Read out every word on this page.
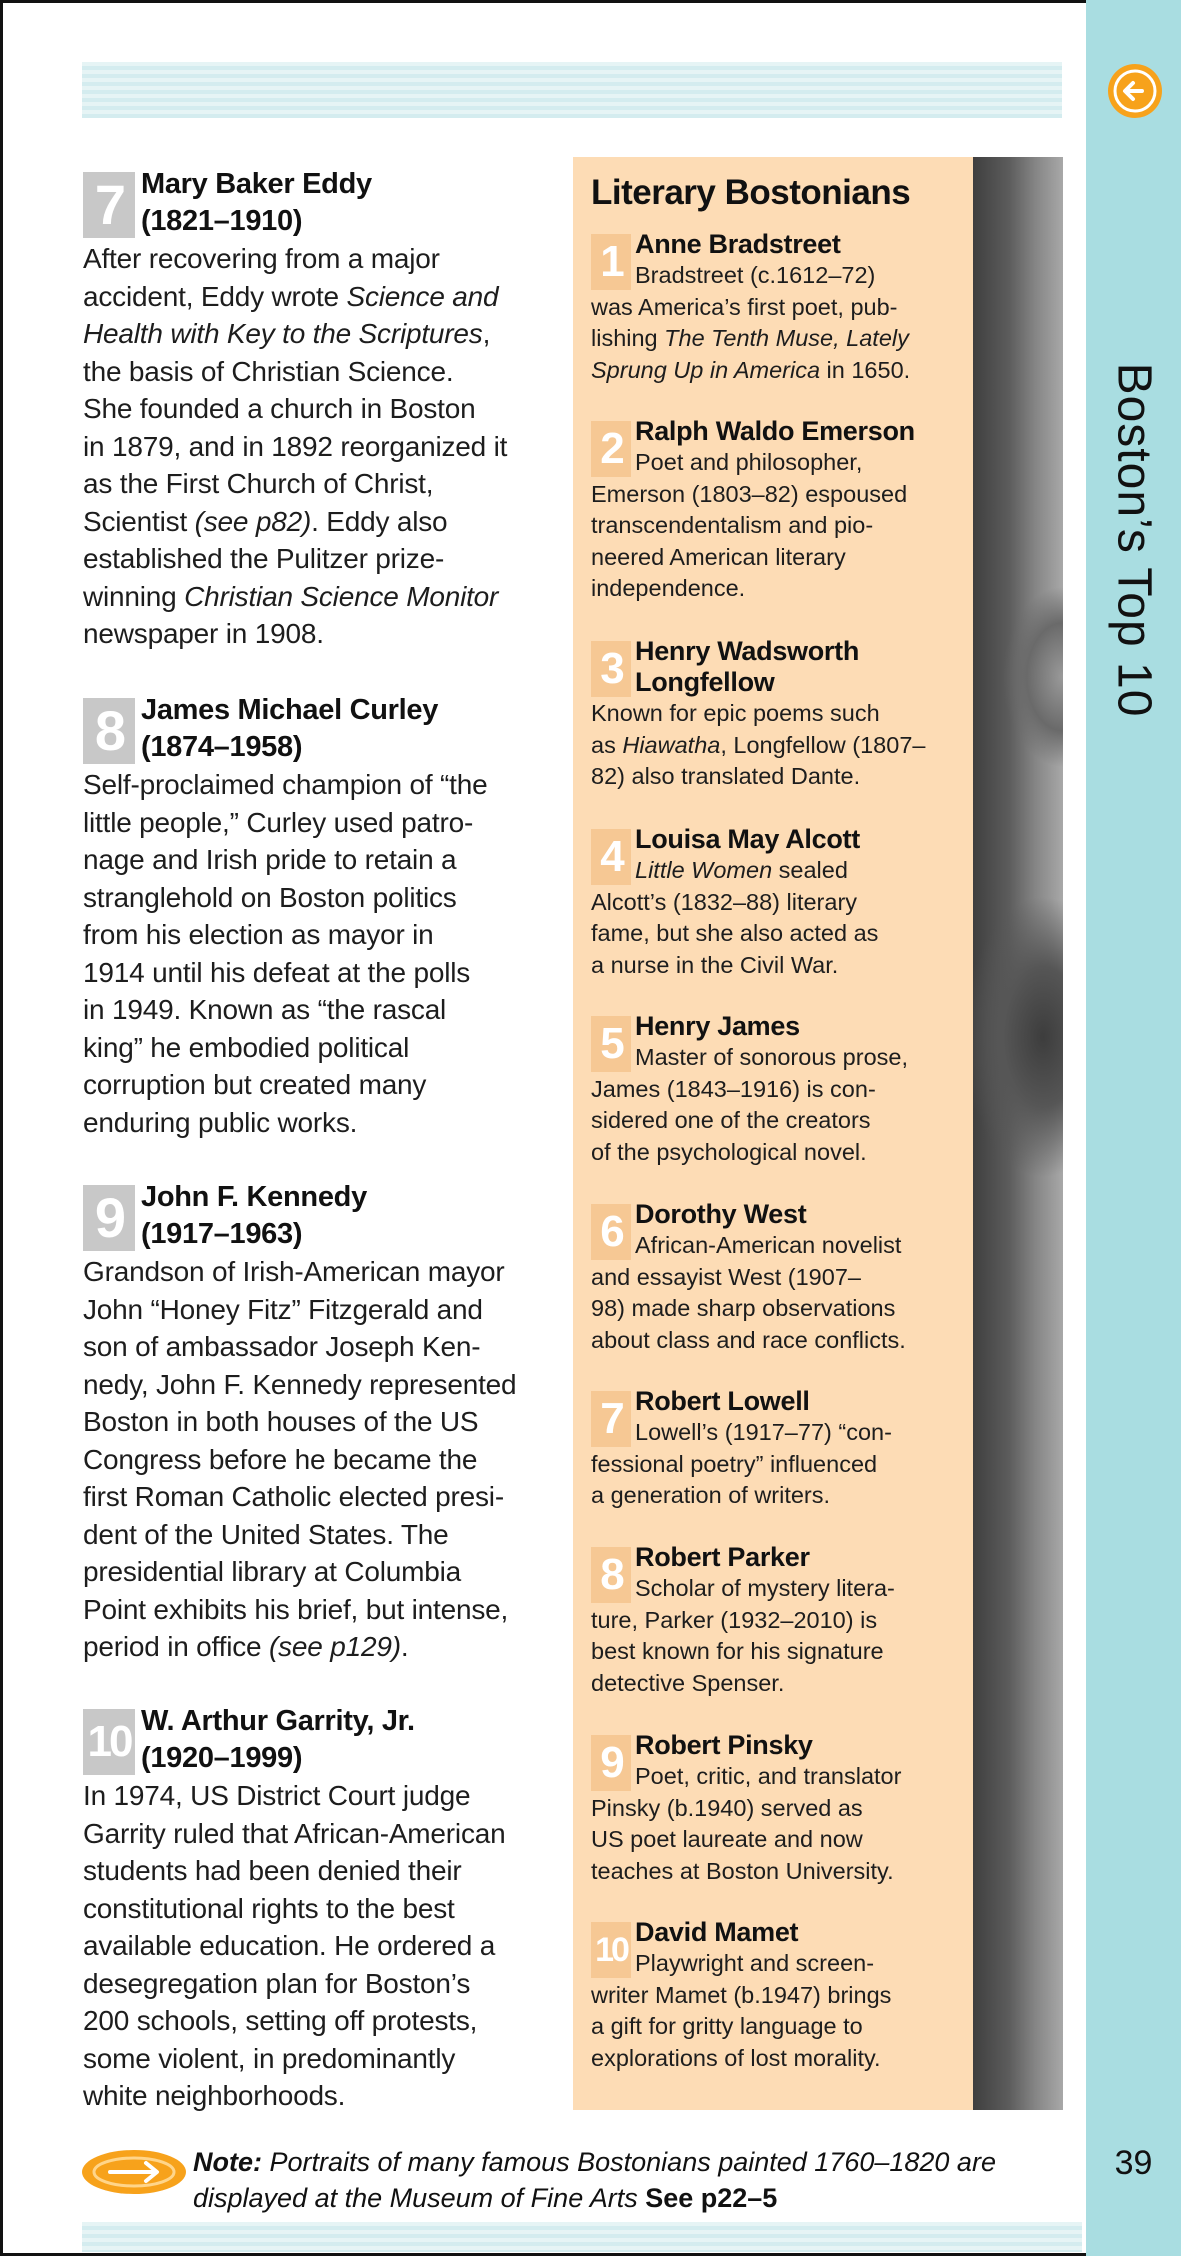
Boston’s Top 10
39
7 Mary Baker Eddy
(1821–1910)

After recovering from a major
accident, Eddy wrote Science and
Health with Key to the Scriptures,
the basis of Christian Science.
She founded a church in Boston
in 1879, and in 1892 reorganized it
as the First Church of Christ,
Scientist (see p82). Eddy also
established the Pulitzer prize-
winning Christian Science Monitor
newspaper in 1908.

8 James Michael Curley
(1874–1958)

Self-proclaimed champion of “the
little people,” Curley used patro-
nage and Irish pride to retain a
stranglehold on Boston politics
from his election as mayor in
1914 until his defeat at the polls
in 1949. Known as “the rascal
king” he embodied political
corruption but created many
enduring public works.

9 John F. Kennedy
(1917–1963)

Grandson of Irish-American mayor
John “Honey Fitz” Fitzgerald and
son of ambassador Joseph Ken-
nedy, John F. Kennedy represented
Boston in both houses of the US
Congress before he became the
first Roman Catholic elected presi-
dent of the United States. The
presidential library at Columbia
Point exhibits his brief, but intense,
period in office (see p129).

10 W. Arthur Garrity, Jr.
(1920–1999)

In 1974, US District Court judge
Garrity ruled that African-American
students had been denied their
constitutional rights to the best
available education. He ordered a
desegregation plan for Boston’s
200 schools, setting off protests,
some violent, in predominantly
white neighborhoods.

Literary Bostonians
1 Anne Bradstreet
Bradstreet (c.1612–72)
was America’s first poet, pub-
lishing The Tenth Muse, Lately
Sprung Up in America in 1650.
2 Ralph Waldo Emerson
Poet and philosopher,
Emerson (1803–82) espoused
transcendentalism and pio-
neered American literary
independence.
3 Henry Wadsworth
Longfellow
Known for epic poems such
as Hiawatha, Longfellow (1807–
82) also translated Dante.
4 Louisa May Alcott
Little Women sealed
Alcott’s (1832–88) literary
fame, but she also acted as
a nurse in the Civil War.
5 Henry James
Master of sonorous prose,
James (1843–1916) is con-
sidered one of the creators
of the psychological novel.
6 Dorothy West
African-American novelist
and essayist West (1907–
98) made sharp observations
about class and race conflicts.
7 Robert Lowell
Lowell’s (1917–77) “con-
fessional poetry” influenced
a generation of writers.
8 Robert Parker
Scholar of mystery litera-
ture, Parker (1932–2010) is
best known for his signature
detective Spenser.
9 Robert Pinsky
Poet, critic, and translator
Pinsky (b.1940) served as
US poet laureate and now
teaches at Boston University.
10 David Mamet
Playwright and screen-
writer Mamet (b.1947) brings
a gift for gritty language to
explorations of lost morality.
Note: Portraits of many famous Bostonians painted 1760–1820 are
displayed at the Museum of Fine Arts See p22–5
